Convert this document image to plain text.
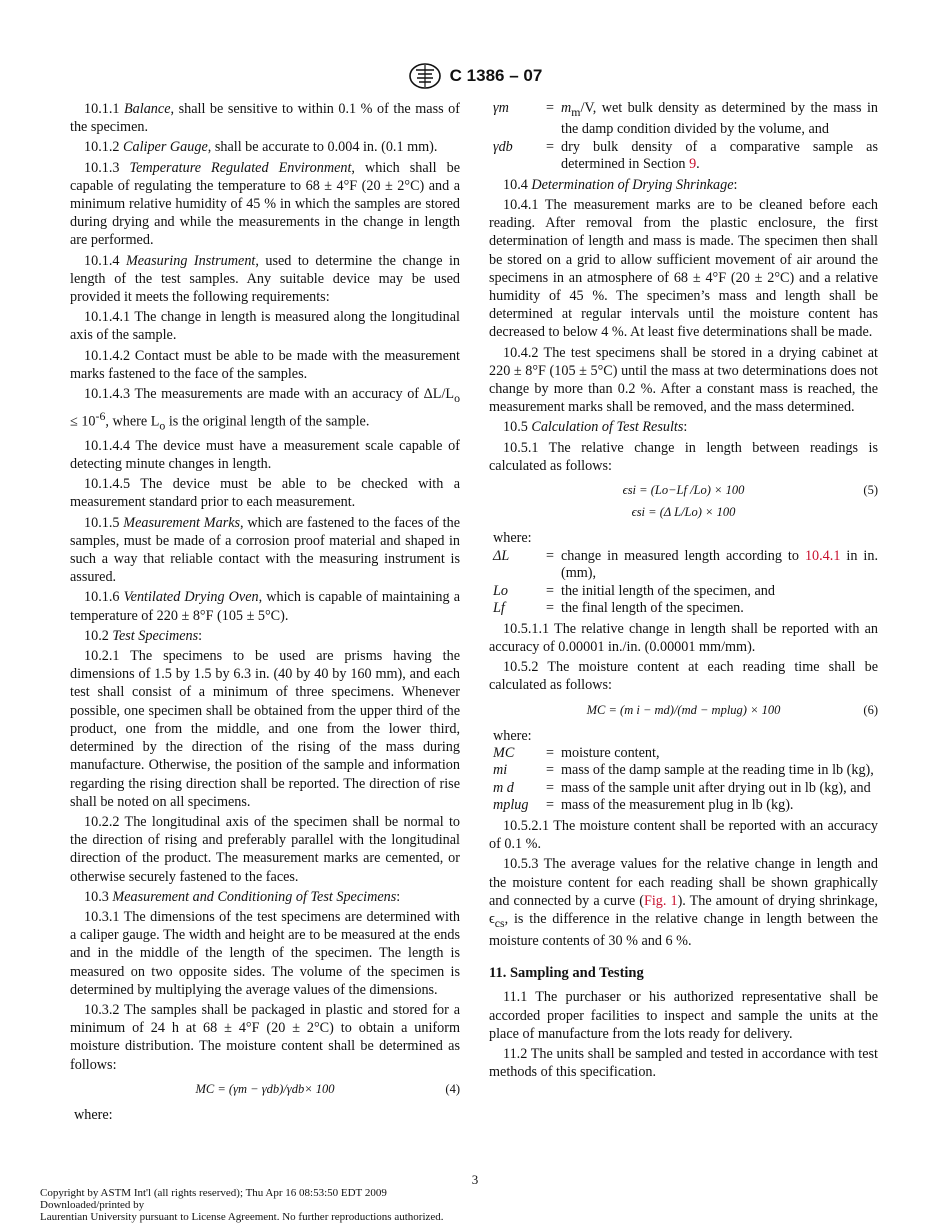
C 1386 – 07

10.1.1 Balance, shall be sensitive to within 0.1 % of the mass of the specimen.

10.1.2 Caliper Gauge, shall be accurate to 0.004 in. (0.1 mm).

10.1.3 Temperature Regulated Environment, which shall be capable of regulating the temperature to 68 ± 4°F (20 ± 2°C) and a minimum relative humidity of 45 % in which the samples are stored during drying and while the measurements in the change in length are performed.

10.1.4 Measuring Instrument, used to determine the change in length of the test samples. Any suitable device may be used provided it meets the following requirements:

10.1.4.1 The change in length is measured along the longitudinal axis of the sample.

10.1.4.2 Contact must be able to be made with the measurement marks fastened to the face of the samples.

10.1.4.3 The measurements are made with an accuracy of $\Delta L/L_o \le 10^{-6}$, where $L_o$ is the original length of the sample.

10.1.4.4 The device must have a measurement scale capable of detecting minute changes in length.

10.1.4.5 The device must be able to be checked with a measurement standard prior to each measurement.

10.1.5 Measurement Marks, which are fastened to the faces of the samples, must be made of a corrosion proof material and shaped in such a way that reliable contact with the measuring instrument is assured.

10.1.6 Ventilated Drying Oven, which is capable of maintaining a temperature of 220 ± 8°F (105 ± 5°C).

10.2 Test Specimens:

10.2.1 The specimens to be used are prisms having the dimensions of 1.5 by 1.5 by 6.3 in. (40 by 40 by 160 mm), and each test shall consist of a minimum of three specimens. Whenever possible, one specimen shall be obtained from the upper third of the product, one from the middle, and one from the lower third, determined by the direction of the rising of the mass during manufacture. Otherwise, the position of the sample and information regarding the rising direction shall be reported. The direction of rise shall be noted on all specimens.

10.2.2 The longitudinal axis of the specimen shall be normal to the direction of rising and preferably parallel with the longitudinal direction of the product. The measurement marks are cemented, or otherwise securely fastened to the faces.

10.3 Measurement and Conditioning of Test Specimens:

10.3.1 The dimensions of the test specimens are determined with a caliper gauge. The width and height are to be measured at the ends and in the middle of the length of the specimen. The length is measured on two opposite sides. The volume of the specimen is determined by multiplying the average values of the dimensions.

10.3.2 The samples shall be packaged in plastic and stored for a minimum of 24 h at 68 ± 4°F (20 ± 2°C) to obtain a uniform moisture distribution. The moisture content shall be determined as follows:

MC = (γm − γdb)/γdb× 100	(4)
where:
γm	=	$m_m/V$, wet bulk density as determined by the mass in the damp condition divided by the volume, and
γdb	=	dry bulk density of a comparative sample as determined in Section 9.

10.4 Determination of Drying Shrinkage:

10.4.1 The measurement marks are to be cleaned before each reading. After removal from the plastic enclosure, the first determination of length and mass is made. The specimen then shall be stored on a grid to allow sufficient movement of air around the specimens in an atmosphere of 68 ± 4°F (20 ± 2°C) and a relative humidity of 45 %. The specimen’s mass and length shall be determined at regular intervals until the moisture content has decreased to below 4 %. At least five determinations shall be made.

10.4.2 The test specimens shall be stored in a drying cabinet at 220 ± 8°F (105 ± 5°C) until the mass at two determinations does not change by more than 0.2 %. After a constant mass is reached, the measurement marks shall be removed, and the mass determined.

10.5 Calculation of Test Results:

10.5.1 The relative change in length between readings is calculated as follows:

ϵsi = (Lo−Lf /Lo) × 100	(5)
ϵsi = (Δ L/Lo) × 100
where:
ΔL	=	change in measured length according to 10.4.1 in in. (mm),
Lo	=	the initial length of the specimen, and
Lf	=	the final length of the specimen.

10.5.1.1 The relative change in length shall be reported with an accuracy of 0.00001 in./in. (0.00001 mm/mm).

10.5.2 The moisture content at each reading time shall be calculated as follows:

MC = (m i − md)/(md − mplug) × 100	(6)
where:
MC	=	moisture content,
mi	=	mass of the damp sample at the reading time in lb (kg),
m d	=	mass of the sample unit after drying out in lb (kg), and
mplug	=	mass of the measurement plug in lb (kg).

10.5.2.1 The moisture content shall be reported with an accuracy of 0.1 %.

10.5.3 The average values for the relative change in length and the moisture content for each reading shall be shown graphically and connected by a curve (Fig. 1). The amount of drying shrinkage, $\epsilon_{cs}$, is the difference in the relative change in length between the moisture contents of 30 % and 6 %.

11. Sampling and Testing

11.1 The purchaser or his authorized representative shall be accorded proper facilities to inspect and sample the units at the place of manufacture from the lots ready for delivery.

11.2 The units shall be sampled and tested in accordance with test methods of this specification.

3
Copyright by ASTM Int'l (all rights reserved); Thu Apr 16 08:53:50 EDT 2009
Downloaded/printed by
Laurentian University pursuant to License Agreement. No further reproductions authorized.
